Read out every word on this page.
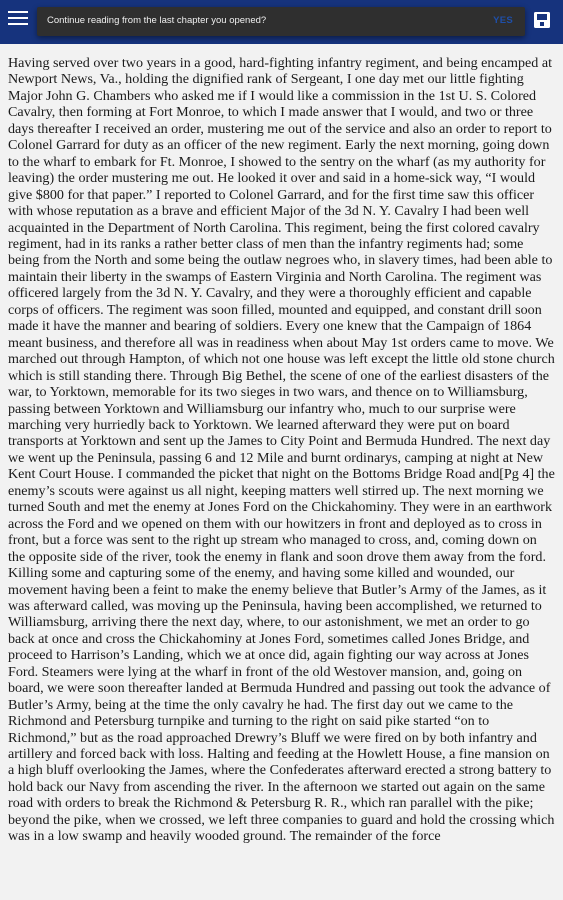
Continue reading from the last chapter you opened?	YES

Having served over two years in a good, hard-fighting infantry regiment, and being encamped at Newport News, Va., holding the dignified rank of Sergeant, I one day met our little fighting Major John G. Chambers who asked me if I would like a commission in the 1st U. S. Colored Cavalry, then forming at Fort Monroe, to which I made answer that I would, and two or three days thereafter I received an order, mustering me out of the service and also an order to report to Colonel Garrard for duty as an officer of the new regiment. Early the next morning, going down to the wharf to embark for Ft. Monroe, I showed to the sentry on the wharf (as my authority for leaving) the order mustering me out. He looked it over and said in a home-sick way, “I would give $800 for that paper.” I reported to Colonel Garrard, and for the first time saw this officer with whose reputation as a brave and efficient Major of the 3d N. Y. Cavalry I had been well acquainted in the Department of North Carolina. This regiment, being the first colored cavalry regiment, had in its ranks a rather better class of men than the infantry regiments had; some being from the North and some being the outlaw negroes who, in slavery times, had been able to maintain their liberty in the swamps of Eastern Virginia and North Carolina. The regiment was officered largely from the 3d N. Y. Cavalry, and they were a thoroughly efficient and capable corps of officers. The regiment was soon filled, mounted and equipped, and constant drill soon made it have the manner and bearing of soldiers. Every one knew that the Campaign of 1864 meant business, and therefore all was in readiness when about May 1st orders came to move. We marched out through Hampton, of which not one house was left except the little old stone church which is still standing there. Through Big Bethel, the scene of one of the earliest disasters of the war, to Yorktown, memorable for its two sieges in two wars, and thence on to Williamsburg, passing between Yorktown and Williamsburg our infantry who, much to our surprise were marching very hurriedly back to Yorktown. We learned afterward they were put on board transports at Yorktown and sent up the James to City Point and Bermuda Hundred. The next day we went up the Peninsula, passing 6 and 12 Mile and burnt ordinarys, camping at night at New Kent Court House. I commanded the picket that night on the Bottoms Bridge Road and[Pg 4] the enemy’s scouts were against us all night, keeping matters well stirred up. The next morning we turned South and met the enemy at Jones Ford on the Chickahominy. They were in an earthwork across the Ford and we opened on them with our howitzers in front and deployed as to cross in front, but a force was sent to the right up stream who managed to cross, and, coming down on the opposite side of the river, took the enemy in flank and soon drove them away from the ford. Killing some and capturing some of the enemy, and having some killed and wounded, our movement having been a feint to make the enemy believe that Butler’s Army of the James, as it was afterward called, was moving up the Peninsula, having been accomplished, we returned to Williamsburg, arriving there the next day, where, to our astonishment, we met an order to go back at once and cross the Chickahominy at Jones Ford, sometimes called Jones Bridge, and proceed to Harrison’s Landing, which we at once did, again fighting our way across at Jones Ford. Steamers were lying at the wharf in front of the old Westover mansion, and, going on board, we were soon thereafter landed at Bermuda Hundred and passing out took the advance of Butler’s Army, being at the time the only cavalry he had. The first day out we came to the Richmond and Petersburg turnpike and turning to the right on said pike started “on to Richmond,” but as the road approached Drewry’s Bluff we were fired on by both infantry and artillery and forced back with loss. Halting and feeding at the Howlett House, a fine mansion on a high bluff overlooking the James, where the Confederates afterward erected a strong battery to hold back our Navy from ascending the river. In the afternoon we started out again on the same road with orders to break the Richmond & Petersburg R. R., which ran parallel with the pike; beyond the pike, when we crossed, we left three companies to guard and hold the crossing which was in a low swamp and heavily wooded ground. The remainder of the force
